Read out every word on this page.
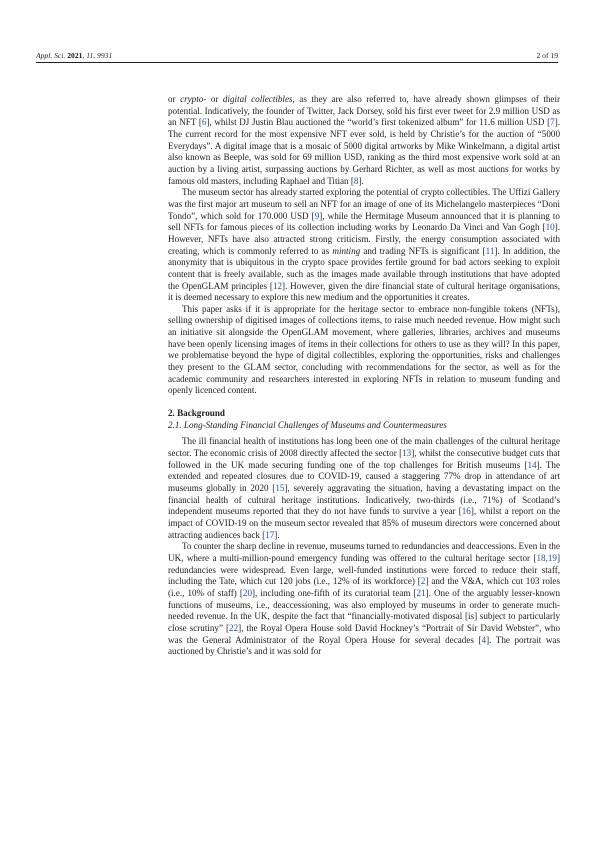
Appl. Sci. 2021, 11, 9931	2 of 19

or crypto- or digital collectibles, as they are also referred to, have already shown glimpses of their potential. Indicatively, the founder of Twitter, Jack Dorsey, sold his first ever tweet for 2.9 million USD as an NFT [6], whilst DJ Justin Blau auctioned the “world’s first tokenized album” for 11.6 million USD [7]. The current record for the most expensive NFT ever sold, is held by Christie’s for the auction of “5000 Everydays”. A digital image that is a mosaic of 5000 digital artworks by Mike Winkelmann, a digital artist also known as Beeple, was sold for 69 million USD, ranking as the third most expensive work sold at an auction by a living artist, surpassing auctions by Gerhard Richter, as well as most auctions for works by famous old masters, including Raphael and Titian [8].

The museum sector has already started exploring the potential of crypto collectibles. The Uffizi Gallery was the first major art museum to sell an NFT for an image of one of its Michelangelo masterpieces “Doni Tondo”, which sold for 170.000 USD [9], while the Hermitage Museum announced that it is planning to sell NFTs for famous pieces of its collection including works by Leonardo Da Vinci and Van Gogh [10]. However, NFTs have also attracted strong criticism. Firstly, the energy consumption associated with creating, which is commonly referred to as minting and trading NFTs is significant [11]. In addition, the anonymity that is ubiquitous in the crypto space provides fertile ground for bad actors seeking to exploit content that is freely available, such as the images made available through institutions that have adopted the OpenGLAM principles [12]. However, given the dire financial state of cultural heritage organisations, it is deemed necessary to explore this new medium and the opportunities it creates.

This paper asks if it is appropriate for the heritage sector to embrace non-fungible tokens (NFTs), selling ownership of digitised images of collections items, to raise much needed revenue. How might such an initiative sit alongside the OpenGLAM movement, where galleries, libraries, archives and museums have been openly licensing images of items in their collections for others to use as they will? In this paper, we problematise beyond the hype of digital collectibles, exploring the opportunities, risks and challenges they present to the GLAM sector, concluding with recommendations for the sector, as well as for the academic community and researchers interested in exploring NFTs in relation to museum funding and openly licenced content.

2. Background
2.1. Long-Standing Financial Challenges of Museums and Countermeasures

The ill financial health of institutions has long been one of the main challenges of the cultural heritage sector. The economic crisis of 2008 directly affected the sector [13], whilst the consecutive budget cuts that followed in the UK made securing funding one of the top challenges for British museums [14]. The extended and repeated closures due to COVID-19, caused a staggering 77% drop in attendance of art museums globally in 2020 [15], severely aggravating the situation, having a devastating impact on the financial health of cultural heritage institutions. Indicatively, two-thirds (i.e., 71%) of Scotland’s independent museums reported that they do not have funds to survive a year [16], whilst a report on the impact of COVID-19 on the museum sector revealed that 85% of museum directors were concerned about attracting audiences back [17].

To counter the sharp decline in revenue, museums turned to redundancies and deaccessions. Even in the UK, where a multi-million-pound emergency funding was offered to the cultural heritage sector [18,19] redundancies were widespread. Even large, well-funded institutions were forced to reduce their staff, including the Tate, which cut 120 jobs (i.e., 12% of its workforce) [2] and the V&A, which cut 103 roles (i.e., 10% of staff) [20], including one-fifth of its curatorial team [21]. One of the arguably lesser-known functions of museums, i.e., deaccessioning, was also employed by museums in order to generate much-needed revenue. In the UK, despite the fact that “financially-motivated disposal [is] subject to particularly close scrutiny” [22], the Royal Opera House sold David Hockney’s “Portrait of Sir David Webster”, who was the General Administrator of the Royal Opera House for several decades [4]. The portrait was auctioned by Christie’s and it was sold for
